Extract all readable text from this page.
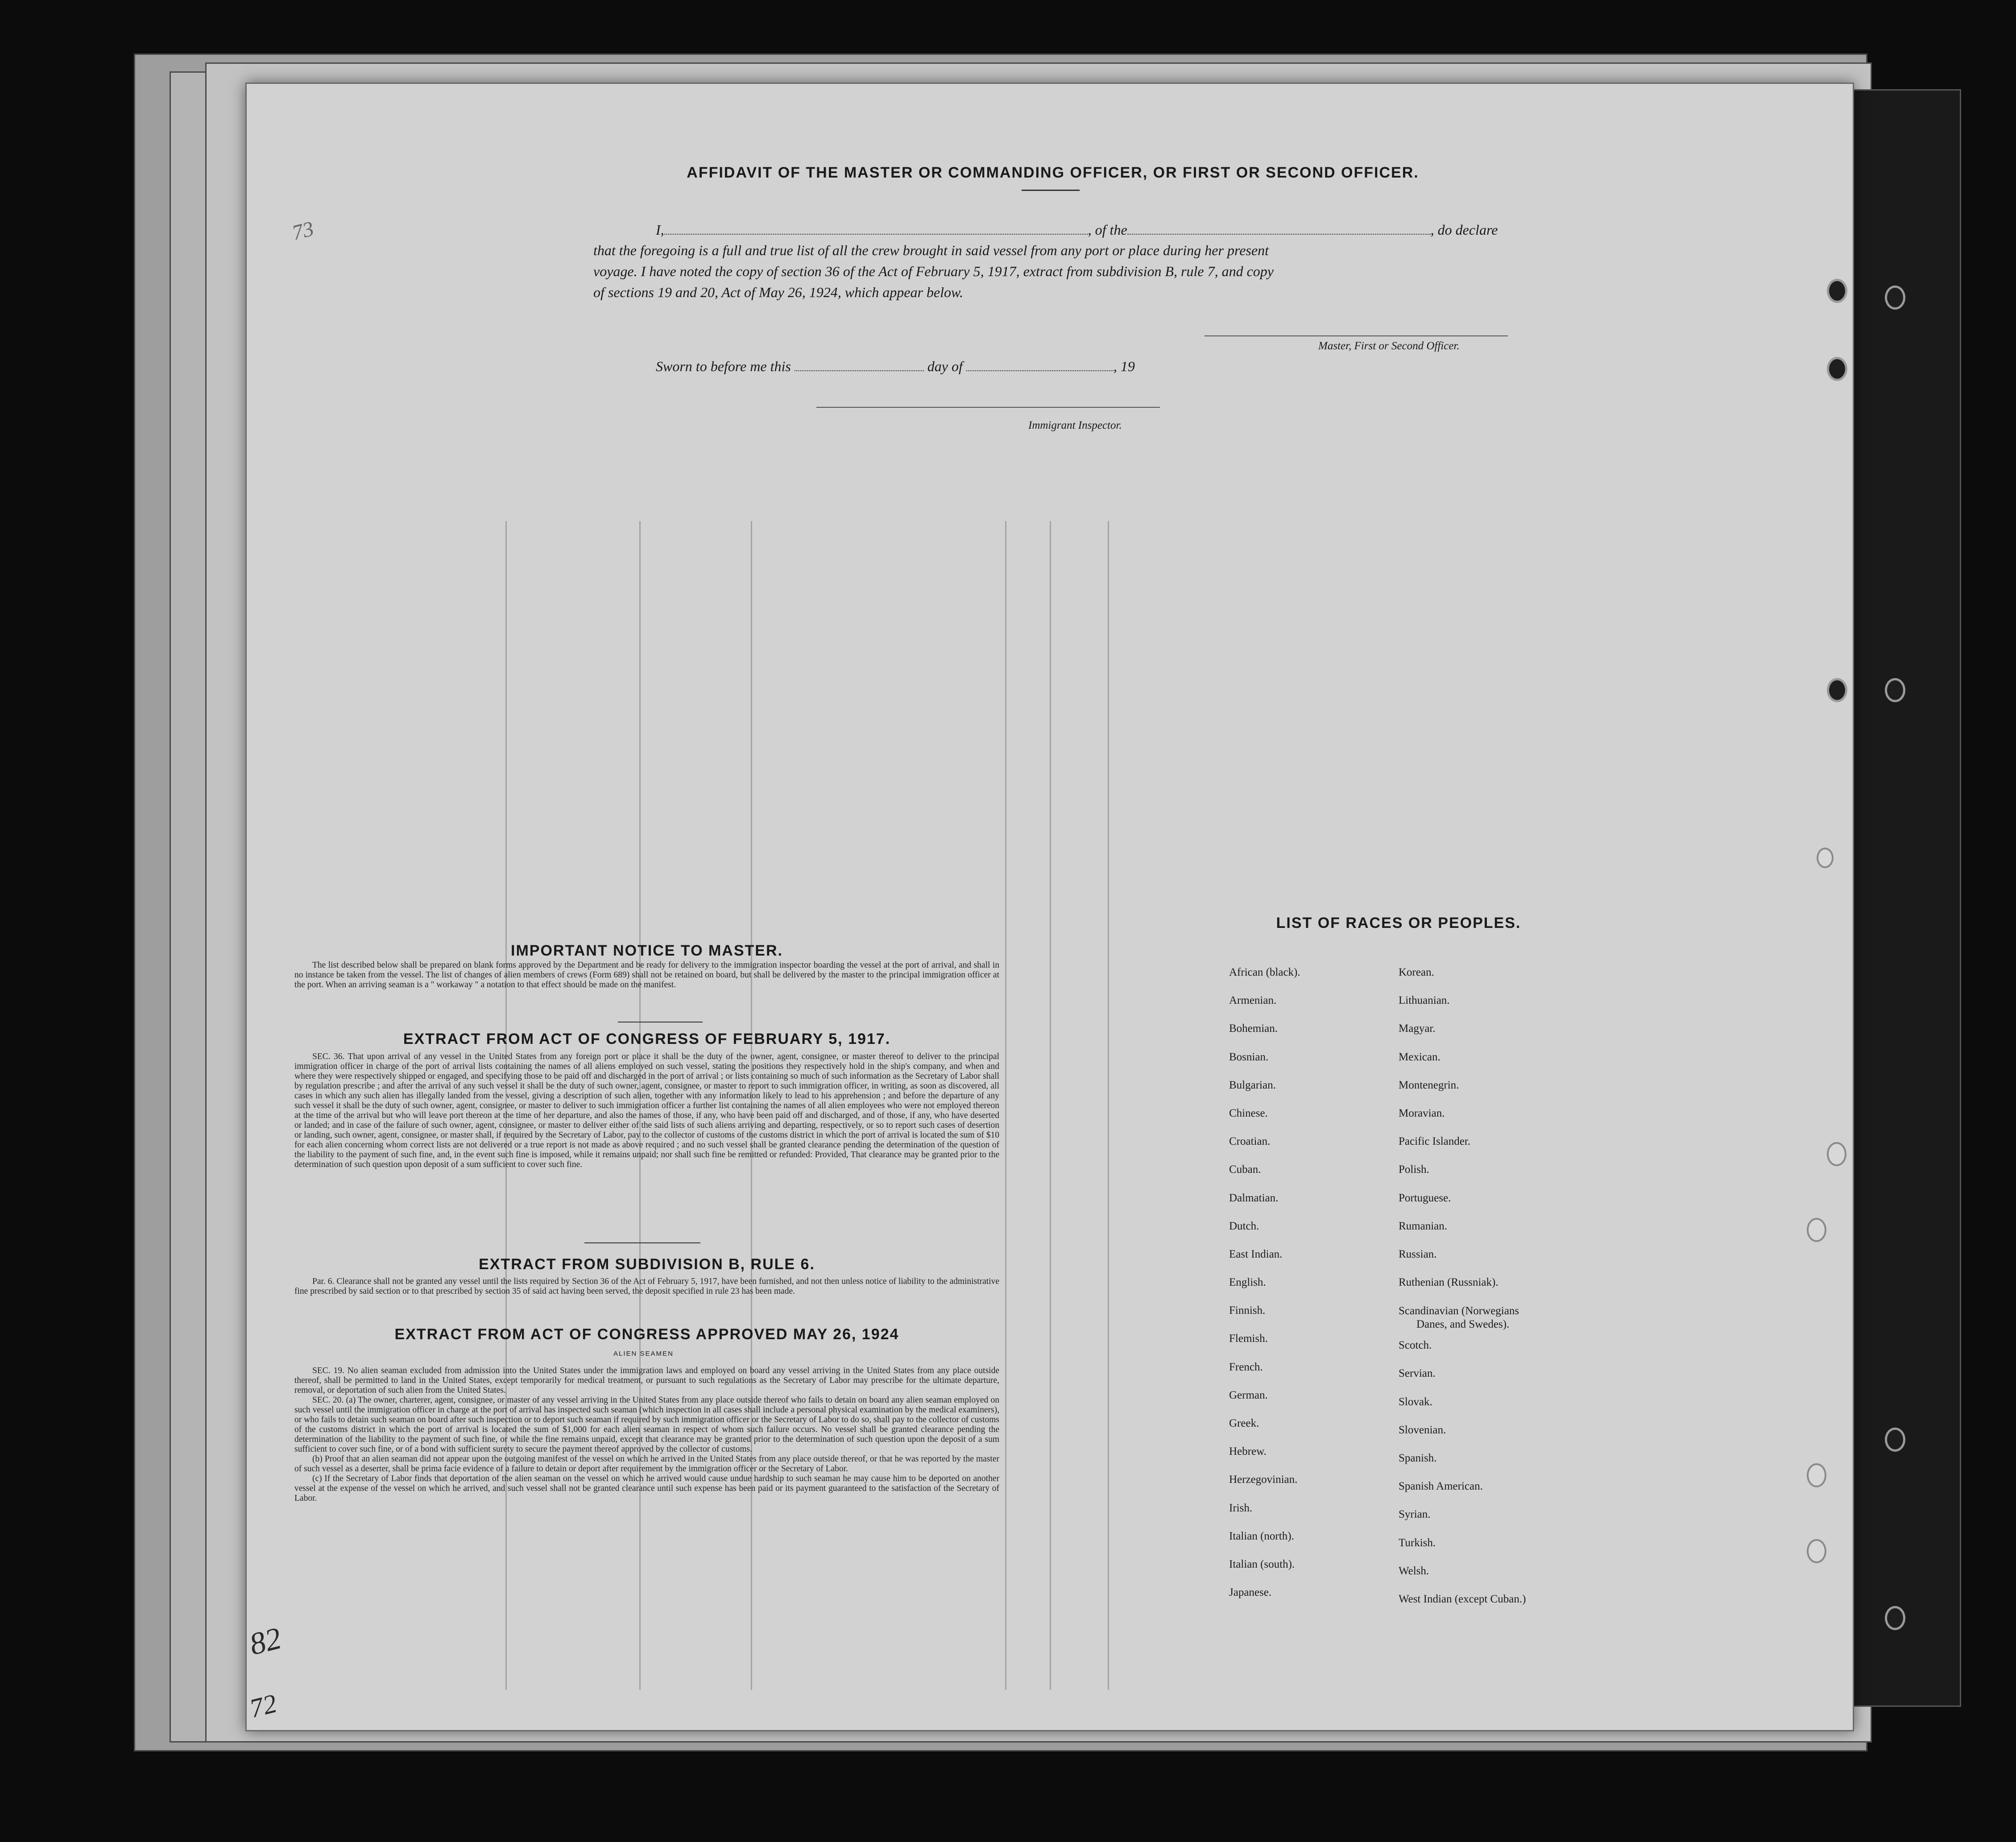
73
82
72
AFFIDAVIT OF THE MASTER OR COMMANDING OFFICER, OR FIRST OR SECOND OFFICER.
I,	, of the	, do declare
that the foregoing is a full and true list of all the crew brought in said vessel from any port or place during her present
voyage. I have noted the copy of section 36 of the Act of February 5, 1917, extract from subdivision B, rule 7, and copy
of sections 19 and 20, Act of May 26, 1924, which appear below.
Master, First or Second Officer.
Sworn to before me this	day of	, 19
Immigrant Inspector.
IMPORTANT NOTICE TO MASTER.

The list described below shall be prepared on blank forms approved by the Department and be ready for delivery to the immigration inspector boarding the vessel at the port of arrival, and shall in no instance be taken from the vessel. The list of changes of alien members of crews (Form 689) shall not be retained on board, but shall be delivered by the master to the principal immigration officer at the port. When an arriving seaman is a " workaway " a notation to that effect should be made on the manifest.

EXTRACT FROM ACT OF CONGRESS OF FEBRUARY 5, 1917.

SEC. 36. That upon arrival of any vessel in the United States from any foreign port or place it shall be the duty of the owner, agent, consignee, or master thereof to deliver to the principal immigration officer in charge of the port of arrival lists containing the names of all aliens employed on such vessel, stating the positions they respectively hold in the ship's company, and when and where they were respectively shipped or engaged, and specifying those to be paid off and discharged in the port of arrival ; or lists containing so much of such information as the Secretary of Labor shall by regulation prescribe ; and after the arrival of any such vessel it shall be the duty of such owner, agent, consignee, or master to report to such immigration officer, in writing, as soon as discovered, all cases in which any such alien has illegally landed from the vessel, giving a description of such alien, together with any information likely to lead to his apprehension ; and before the departure of any such vessel it shall be the duty of such owner, agent, consignee, or master to deliver to such immigration officer a further list containing the names of all alien employees who were not employed thereon at the time of the arrival but who will leave port thereon at the time of her departure, and also the names of those, if any, who have been paid off and discharged, and of those, if any, who have deserted or landed; and in case of the failure of such owner, agent, consignee, or master to deliver either of the said lists of such aliens arriving and departing, respectively, or so to report such cases of desertion or landing, such owner, agent, consignee, or master shall, if required by the Secretary of Labor, pay to the collector of customs of the customs district in which the port of arrival is located the sum of $10 for each alien concerning whom correct lists are not delivered or a true report is not made as above required ; and no such vessel shall be granted clearance pending the determination of the question of the liability to the payment of such fine, and, in the event such fine is imposed, while it remains unpaid; nor shall such fine be remitted or refunded: Provided, That clearance may be granted prior to the determination of such question upon deposit of a sum sufficient to cover such fine.

EXTRACT FROM SUBDIVISION B, RULE 6.

Par. 6. Clearance shall not be granted any vessel until the lists required by Section 36 of the Act of February 5, 1917, have been furnished, and not then unless notice of liability to the administrative fine prescribed by said section or to that prescribed by section 35 of said act having been served, the deposit specified in rule 23 has been made.

EXTRACT FROM ACT OF CONGRESS APPROVED MAY 26, 1924
ALIEN SEAMEN

SEC. 19. No alien seaman excluded from admission into the United States under the immigration laws and employed on board any vessel arriving in the United States from any place outside thereof, shall be permitted to land in the United States, except temporarily for medical treatment, or pursuant to such regulations as the Secretary of Labor may prescribe for the ultimate departure, removal, or deportation of such alien from the United States.

SEC. 20. (a) The owner, charterer, agent, consignee, or master of any vessel arriving in the United States from any place outside thereof who fails to detain on board any alien seaman employed on such vessel until the immigration officer in charge at the port of arrival has inspected such seaman (which inspection in all cases shall include a personal physical examination by the medical examiners), or who fails to detain such seaman on board after such inspection or to deport such seaman if required by such immigration officer or the Secretary of Labor to do so, shall pay to the collector of customs of the customs district in which the port of arrival is located the sum of $1,000 for each alien seaman in respect of whom such failure occurs. No vessel shall be granted clearance pending the determination of the liability to the payment of such fine, or while the fine remains unpaid, except that clearance may be granted prior to the determination of such question upon the deposit of a sum sufficient to cover such fine, or of a bond with sufficient surety to secure the payment thereof approved by the collector of customs.

(b) Proof that an alien seaman did not appear upon the outgoing manifest of the vessel on which he arrived in the United States from any place outside thereof, or that he was reported by the master of such vessel as a deserter, shall be prima facie evidence of a failure to detain or deport after requirement by the immigration officer or the Secretary of Labor.

(c) If the Secretary of Labor finds that deportation of the alien seaman on the vessel on which he arrived would cause undue hardship to such seaman he may cause him to be deported on another vessel at the expense of the vessel on which he arrived, and such vessel shall not be granted clearance until such expense has been paid or its payment guaranteed to the satisfaction of the Secretary of Labor.

LIST OF RACES OR PEOPLES.
African (black).
Armenian.
Bohemian.
Bosnian.
Bulgarian.
Chinese.
Croatian.
Cuban.
Dalmatian.
Dutch.
East Indian.
English.
Finnish.
Flemish.
French.
German.
Greek.
Hebrew.
Herzegovinian.
Irish.
Italian (north).
Italian (south).
Japanese.
Korean.
Lithuanian.
Magyar.
Mexican.
Montenegrin.
Moravian.
Pacific Islander.
Polish.
Portuguese.
Rumanian.
Russian.
Ruthenian (Russniak).
Scandinavian (Norwegians
Danes, and Swedes).
Scotch.
Servian.
Slovak.
Slovenian.
Spanish.
Spanish American.
Syrian.
Turkish.
Welsh.
West Indian (except Cuban.)
